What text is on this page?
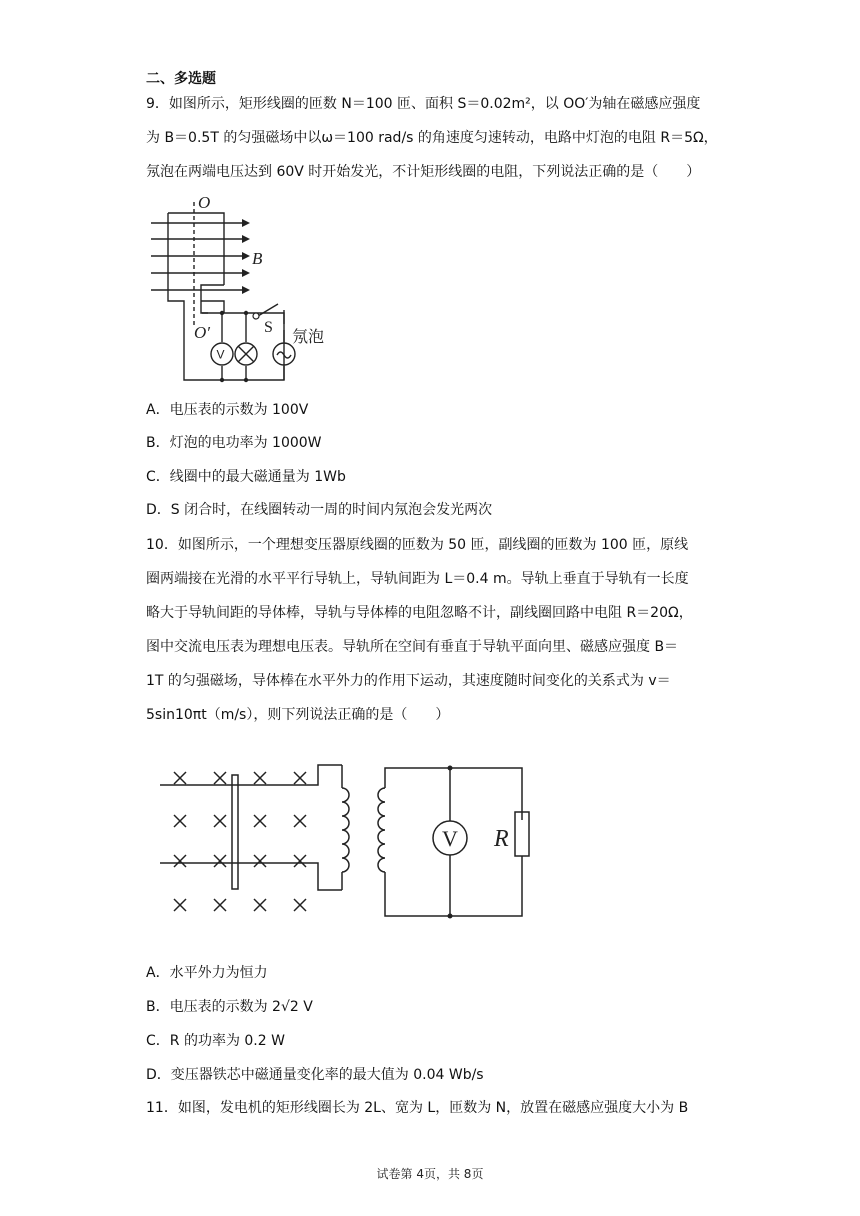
二、多选题
9．如图所示，矩形线圈的匝数 N＝100 匝、面积 S＝0.02m²，以 OO′为轴在磁感应强度
为 B＝0.5T 的匀强磁场中以ω＝100 rad/s 的角速度匀速转动，电路中灯泡的电阻 R＝5Ω，
氖泡在两端电压达到 60V 时开始发光，不计矩形线圈的电阻，下列说法正确的是（　　）
O
B
O′	S
V
氖泡
A．电压表的示数为 100V
B．灯泡的电功率为 1000W
C．线圈中的最大磁通量为 1Wb
D．S 闭合时，在线圈转动一周的时间内氖泡会发光两次
10．如图所示，一个理想变压器原线圈的匝数为 50 匝，副线圈的匝数为 100 匝，原线
圈两端接在光滑的水平平行导轨上，导轨间距为 L＝0.4 m。导轨上垂直于导轨有一长度
略大于导轨间距的导体棒，导轨与导体棒的电阻忽略不计，副线圈回路中电阻 R＝20Ω，
图中交流电压表为理想电压表。导轨所在空间有垂直于导轨平面向里、磁感应强度 B＝
1T 的匀强磁场，导体棒在水平外力的作用下运动，其速度随时间变化的关系式为 v＝
5sin10πt（m/s），则下列说法正确的是（　　）
V R
A．水平外力为恒力
B．电压表的示数为 2√2 V
C．R 的功率为 0.2 W
D．变压器铁芯中磁通量变化率的最大值为 0.04 Wb/s
11．如图，发电机的矩形线圈长为 2L、宽为 L，匝数为 N，放置在磁感应强度大小为 B
试卷第 4页，共 8页
